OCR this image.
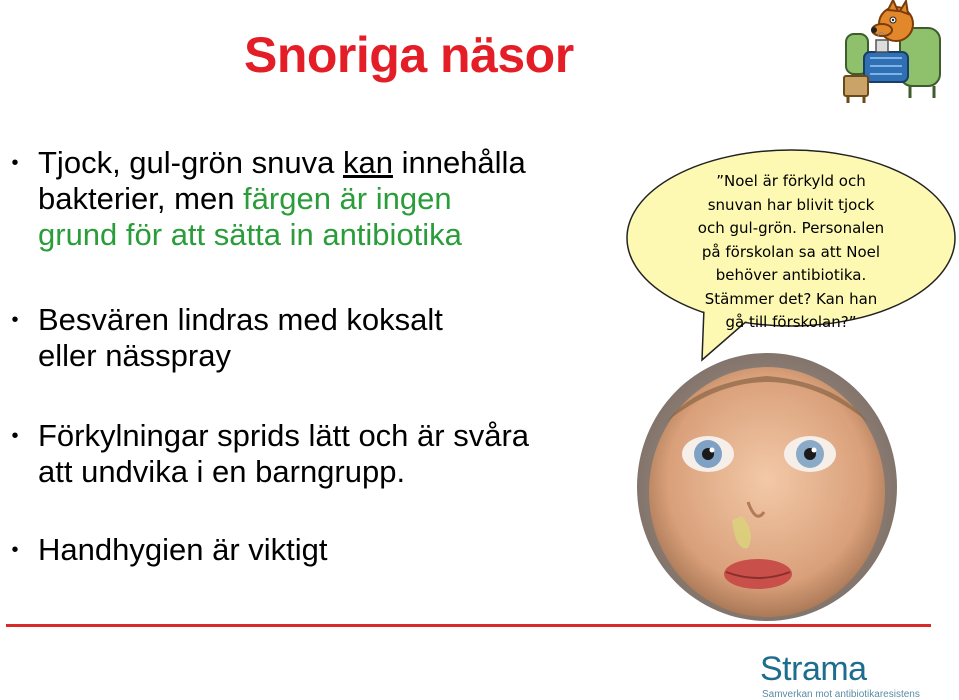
Snoriga näsor
• Tjock, gul-grön snuva kan innehålla
bakterier, men färgen är ingen
grund för att sätta in antibiotika
• Besvären lindras med koksalt
eller nässpray
• Förkylningar sprids lätt och är svåra
att undvika i en barngrupp.
• Handhygien är viktigt
”Noel är förkyld och
snuvan har blivit tjock
och gul-grön. Personalen
på förskolan sa att Noel
behöver antibiotika.
Stämmer det? Kan han
gå till förskolan?”
Strama
Samverkan mot antibiotikaresistens
